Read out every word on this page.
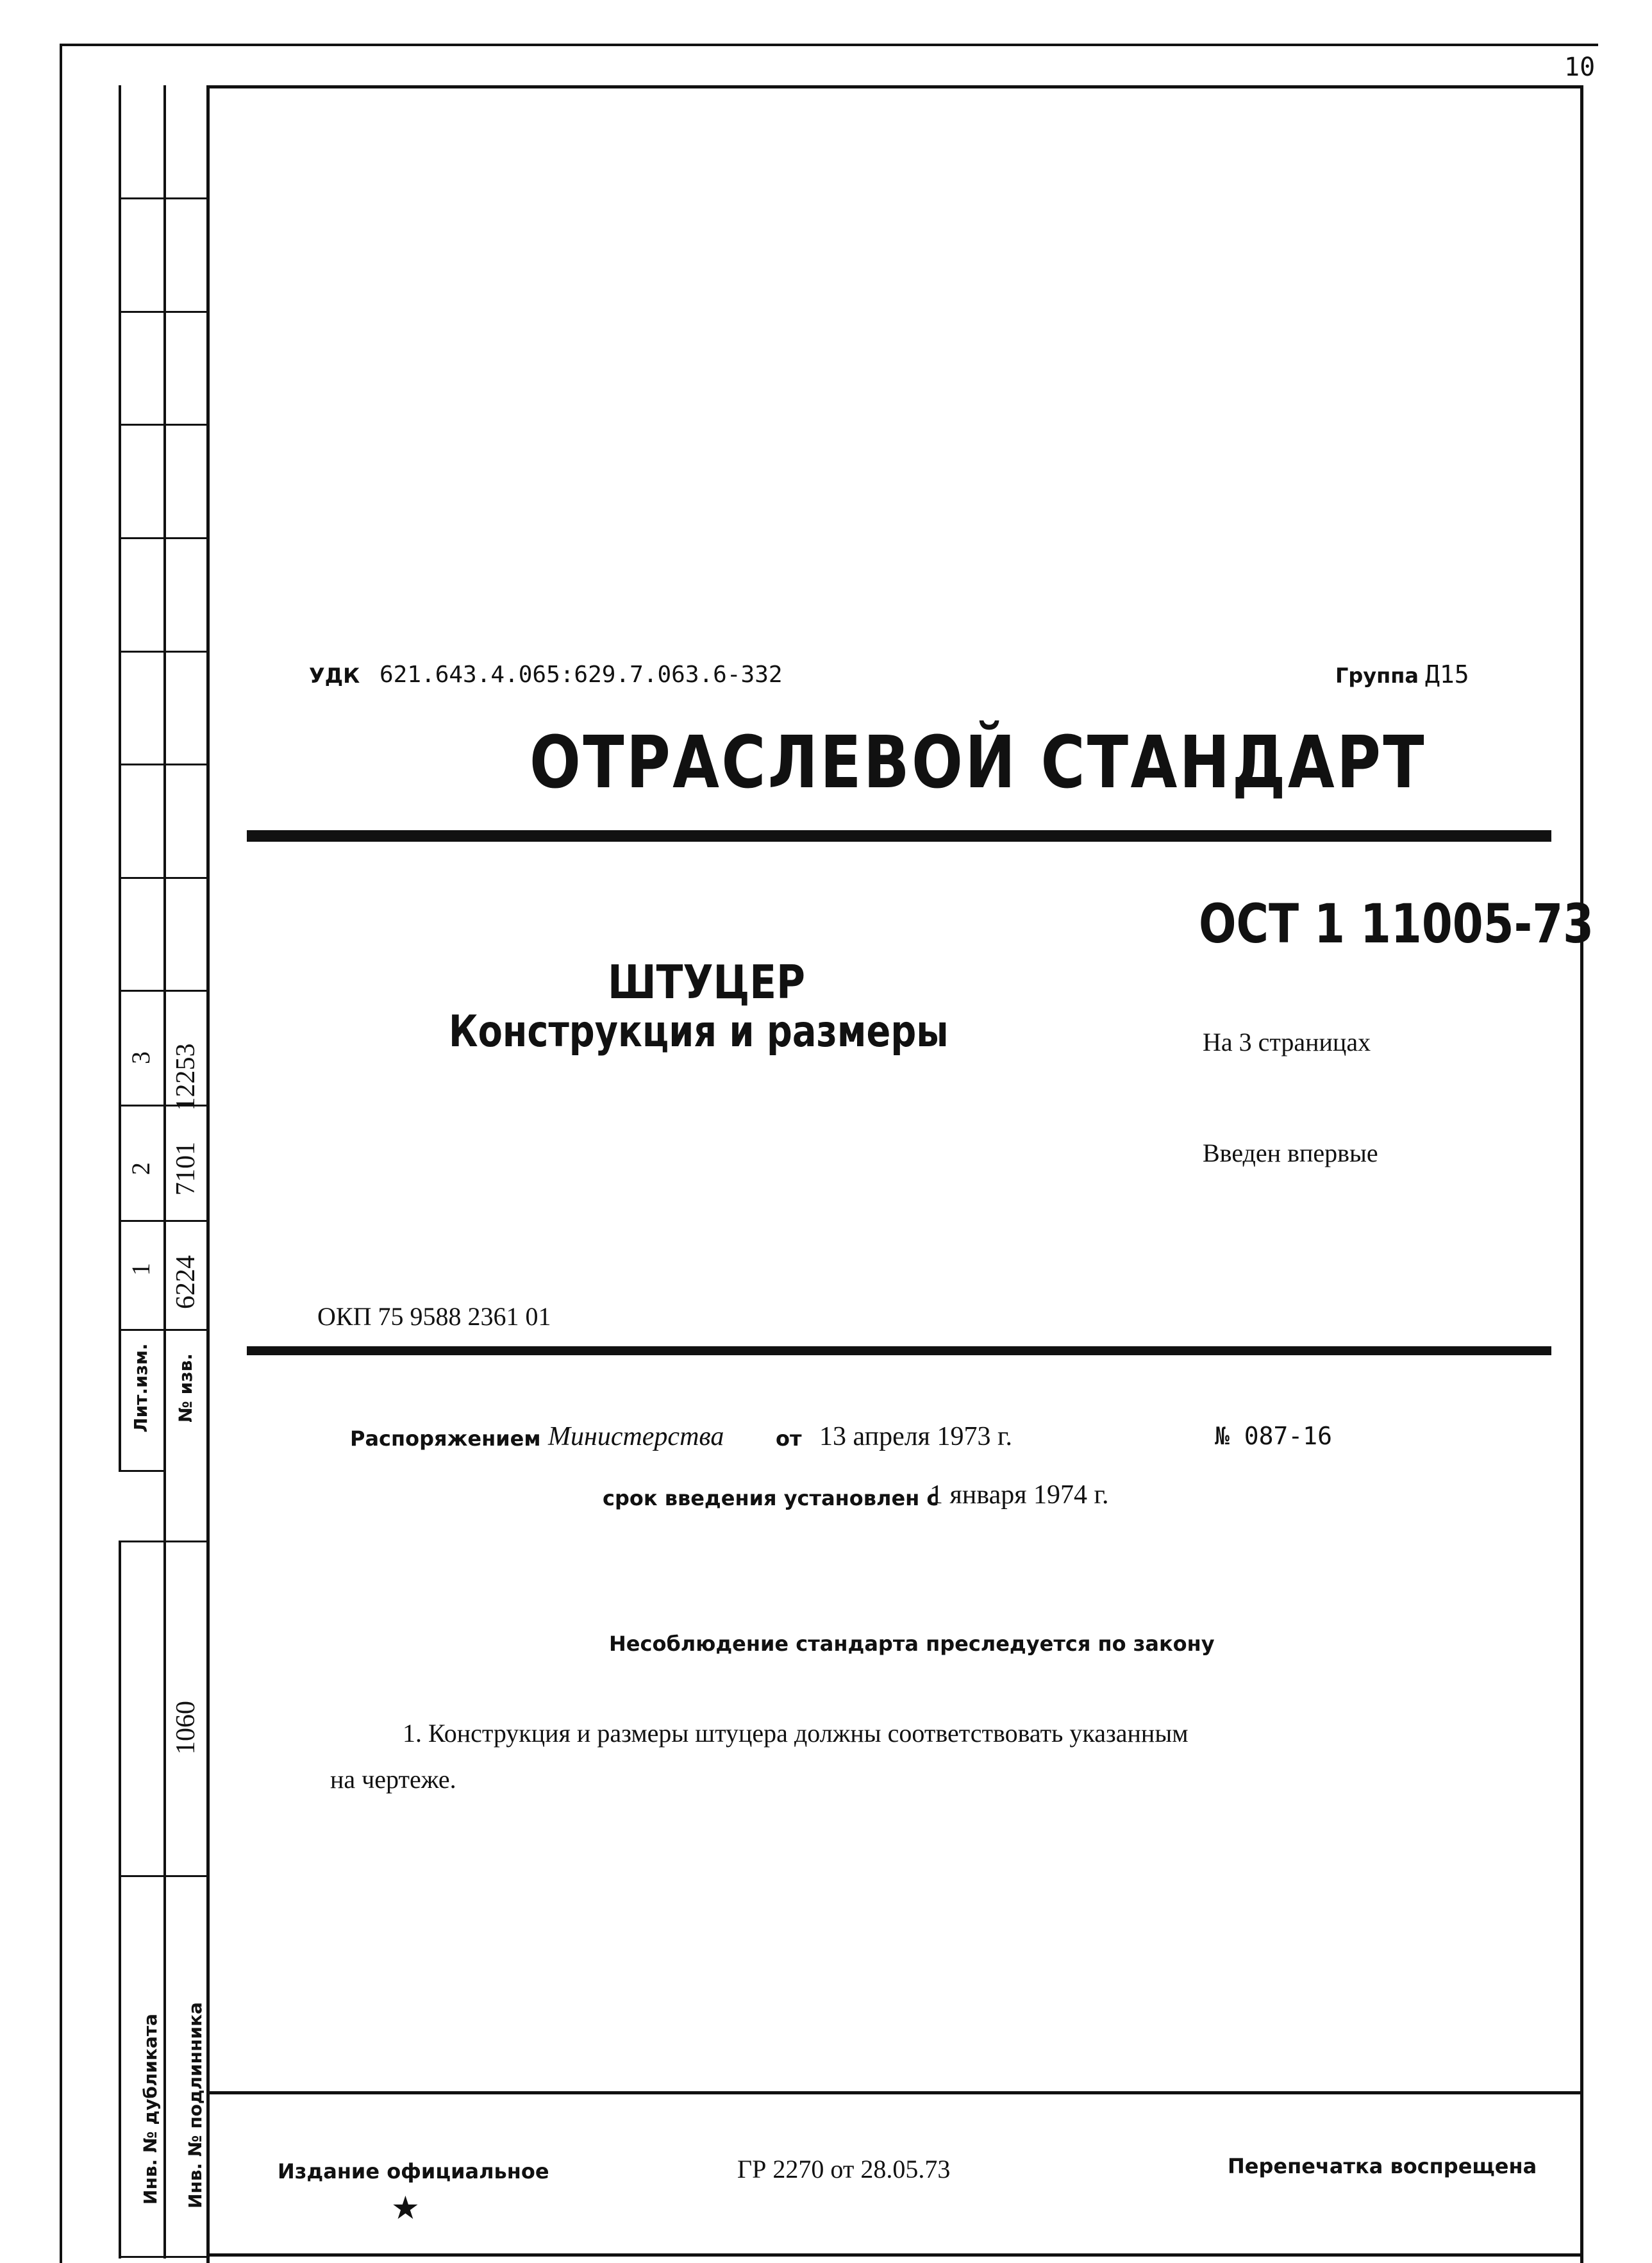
10
3 12253
2 7101
1 6224
Лит.изм.	№ изв.
1060
Инв. № дубликата	Инв. № подлинника
УДК 621.643.4.065:629.7.063.6-332	Группа Д15
ОТРАСЛЕВОЙ СТАНДАРТ
ОСТ 1 11005-73
ШТУЦЕР
Конструкция и размеры	На 3 страницах
Введен впервые
ОКП 75 9588 2361 01
Распоряжением Министерства	от 13 апреля 1973 г.	№ 087-16
срок введения установлен с
1 января 1974 г.
Несоблюдение стандарта преследуется по закону
1. Конструкция и размеры штуцера должны соответствовать указанным
на чертеже.
Издание официальное
★
ГР 2270 от 28.05.73	Перепечатка воспрещена
